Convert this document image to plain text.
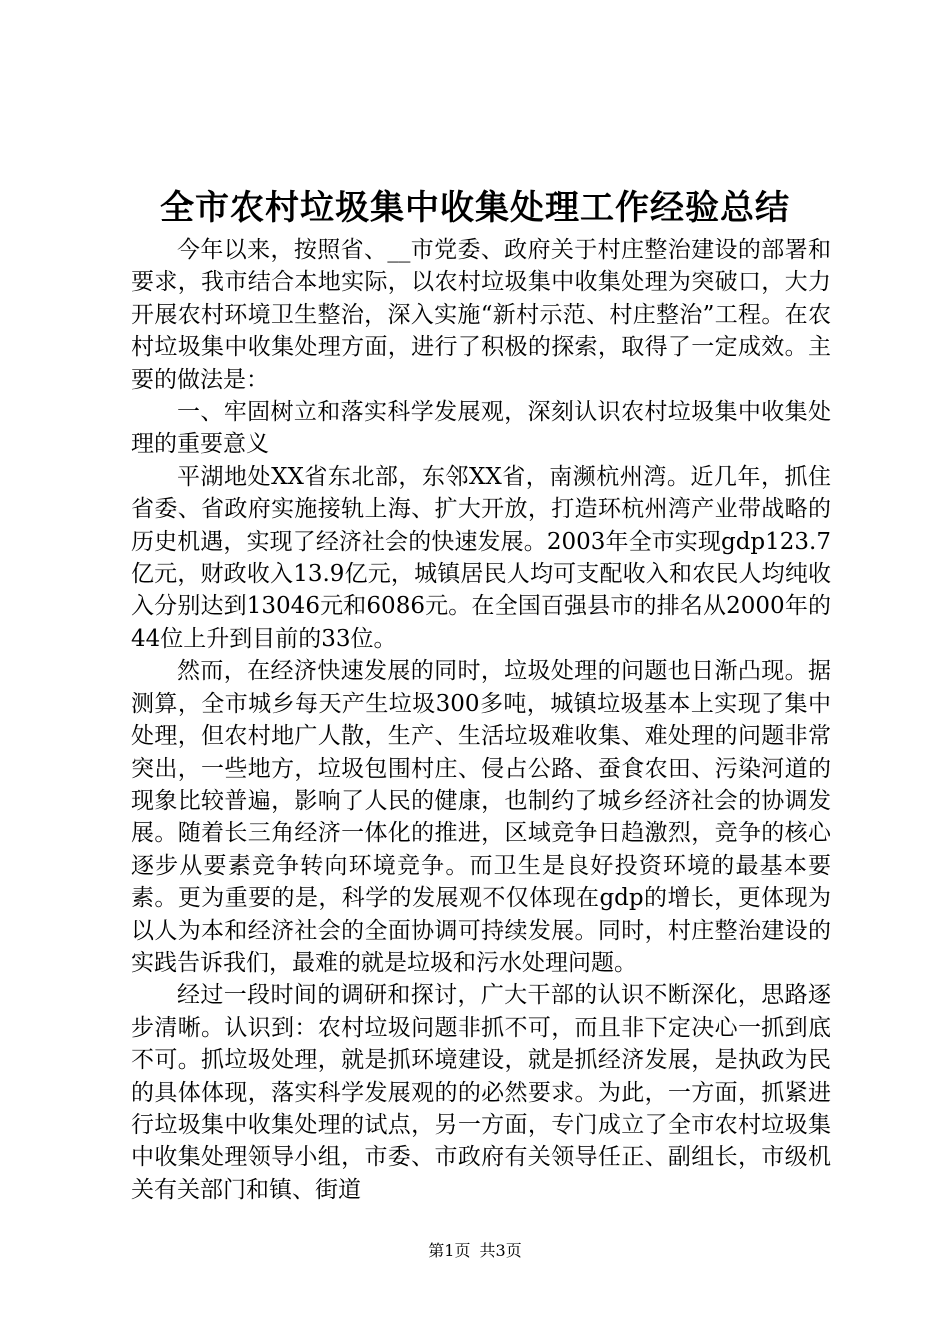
全市农村垃圾集中收集处理工作经验总结

今年以来，按照省、__市党委、政府关于村庄整治建设的部署和要求，我市结合本地实际，以农村垃圾集中收集处理为突破口，大力开展农村环境卫生整治，深入实施“新村示范、村庄整治”工程。在农村垃圾集中收集处理方面，进行了积极的探索，取得了一定成效。主要的做法是：

一、牢固树立和落实科学发展观，深刻认识农村垃圾集中收集处理的重要意义

平湖地处XX省东北部，东邻XX省，南濒杭州湾。近几年，抓住省委、省政府实施接轨上海、扩大开放，打造环杭州湾产业带战略的历史机遇，实现了经济社会的快速发展。2003年全市实现gdp123.7亿元，财政收入13.9亿元，城镇居民人均可支配收入和农民人均纯收入分别达到13046元和6086元。在全国百强县市的排名从2000年的44位上升到目前的33位。

然而，在经济快速发展的同时，垃圾处理的问题也日渐凸现。据测算，全市城乡每天产生垃圾300多吨，城镇垃圾基本上实现了集中处理，但农村地广人散，生产、生活垃圾难收集、难处理的问题非常突出，一些地方，垃圾包围村庄、侵占公路、蚕食农田、污染河道的现象比较普遍，影响了人民的健康，也制约了城乡经济社会的协调发展。随着长三角经济一体化的推进，区域竞争日趋激烈，竞争的核心逐步从要素竞争转向环境竞争。而卫生是良好投资环境的最基本要素。更为重要的是，科学的发展观不仅体现在gdp的增长，更体现为以人为本和经济社会的全面协调可持续发展。同时，村庄整治建设的实践告诉我们，最难的就是垃圾和污水处理问题。

经过一段时间的调研和探讨，广大干部的认识不断深化，思路逐步清晰。认识到：农村垃圾问题非抓不可，而且非下定决心一抓到底不可。抓垃圾处理，就是抓环境建设，就是抓经济发展，是执政为民的具体体现，落实科学发展观的的必然要求。为此，一方面，抓紧进行垃圾集中收集处理的试点，另一方面，专门成立了全市农村垃圾集中收集处理领导小组，市委、市政府有关领导任正、副组长，市级机关有关部门和镇、街道

第1页 共3页
